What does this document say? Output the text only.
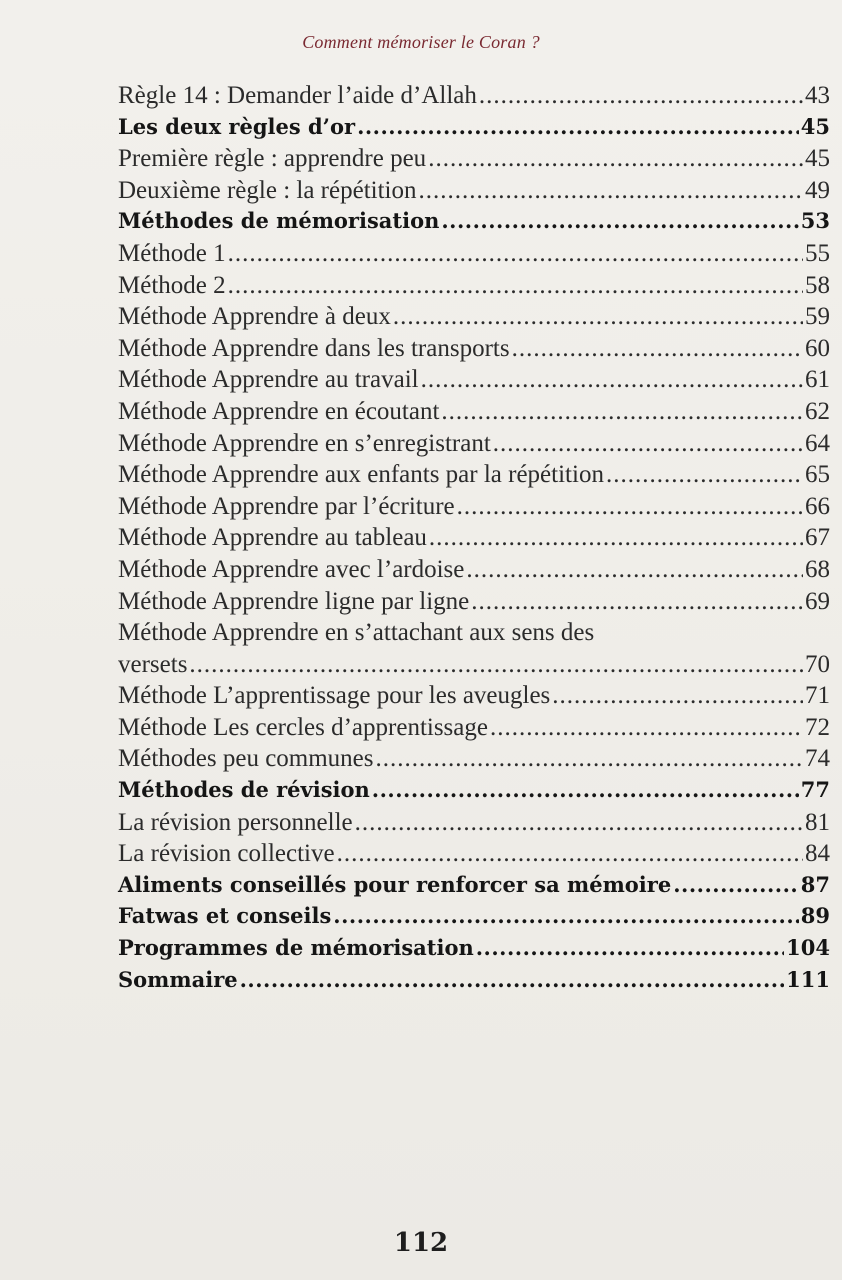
Comment mémoriser le Coran ?
Règle 14 : Demander l’aide d’Allah .....	43
Les deux règles d’or .....	45
Première règle : apprendre peu .....	45
Deuxième règle : la répétition .....	49
Méthodes de mémorisation .....	53
Méthode 1 .....	55
Méthode 2 .....	58
Méthode Apprendre à deux .....	59
Méthode Apprendre dans les transports .....	60
Méthode Apprendre au travail .....	61
Méthode Apprendre en écoutant .....	62
Méthode Apprendre en s’enregistrant .....	64
Méthode Apprendre aux enfants par la répétition .....	65
Méthode Apprendre par l’écriture .....	66
Méthode Apprendre au tableau .....	67
Méthode Apprendre avec l’ardoise .....	68
Méthode Apprendre ligne par ligne .....	69
Méthode Apprendre en s’attachant aux sens des
versets .....	70
Méthode L’apprentissage pour les aveugles .....	71
Méthode Les cercles d’apprentissage .....	72
Méthodes peu communes .....	74
Méthodes de révision .....	77
La révision personnelle .....	81
La révision collective .....	84
Aliments conseillés pour renforcer sa mémoire .....	87
Fatwas et conseils .....	89
Programmes de mémorisation .....	104
Sommaire .....	111
112
